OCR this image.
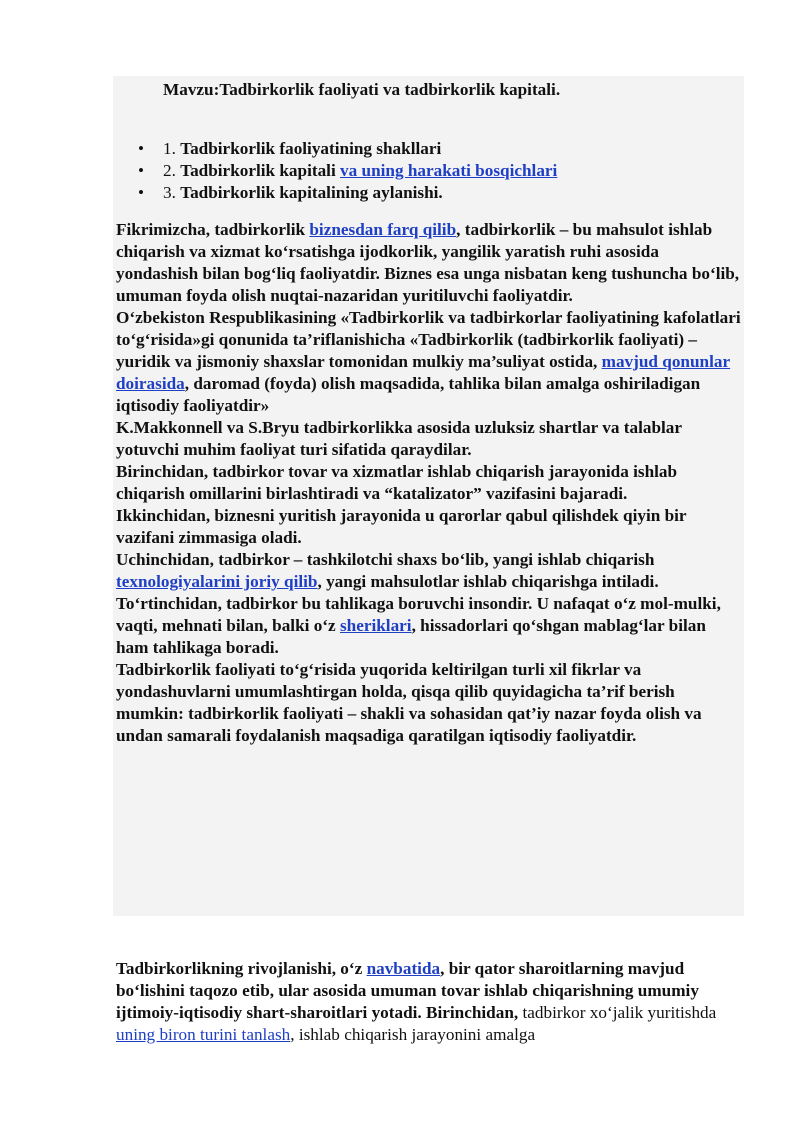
Mavzu:Tadbirkorlik faoliyati va tadbirkorlik kapitali.

• 1. Tadbirkorlik faoliyatining shakllari
• 2. Tadbirkorlik kapitali va uning harakati bosqichlari
• 3. Tadbirkorlik kapitalining aylanishi.

Fikrimizcha, tadbirkorlik biznesdan farq qilib, tadbirkorlik – bu mahsulot ishlab chiqarish va xizmat ko‘rsatishga ijodkorlik, yangilik yaratish ruhi asosida yondashish bilan bog‘liq faoliyatdir. Biznes esa unga nisbatan keng tushuncha bo‘lib, umuman foyda olish nuqtai-nazaridan yuritiluvchi faoliyatdir.

O‘zbekiston Respublikasining «Tadbirkorlik va tadbirkorlar faoliyatining kafolatlari to‘g‘risida»gi qonunida ta’riflanishicha «Tadbirkorlik (tadbirkorlik faoliyati) – yuridik va jismoniy shaxslar tomonidan mulkiy ma’suliyat ostida, mavjud qonunlar doirasida, daromad (foyda) olish maqsadida, tahlika bilan amalga oshiriladigan iqtisodiy faoliyatdir»

K.Makkonnell va S.Bryu tadbirkorlikka asosida uzluksiz shartlar va talablar yotuvchi muhim faoliyat turi sifatida qaraydilar.

Birinchidan, tadbirkor tovar va xizmatlar ishlab chiqarish jarayonida ishlab chiqarish omillarini birlashtiradi va “katalizator” vazifasini bajaradi.

Ikkinchidan, biznesni yuritish jarayonida u qarorlar qabul qilishdek qiyin bir vazifani zimmasiga oladi.

Uchinchidan, tadbirkor – tashkilotchi shaxs bo‘lib, yangi ishlab chiqarish texnologiyalarini joriy qilib, yangi mahsulotlar ishlab chiqarishga intiladi.

To‘rtinchidan, tadbirkor bu tahlikaga boruvchi insondir. U nafaqat o‘z mol-mulki, vaqti, mehnati bilan, balki o‘z sheriklari, hissadorlari qo‘shgan mablag‘lar bilan ham tahlikaga boradi.

Tadbirkorlik faoliyati to‘g‘risida yuqorida keltirilgan turli xil fikrlar va yondashuvlarni umumlashtirgan holda, qisqa qilib quyidagicha ta’rif berish mumkin: tadbirkorlik faoliyati – shakli va sohasidan qat’iy nazar foyda olish va undan samarali foydalanish maqsadiga qaratilgan iqtisodiy faoliyatdir.

Tadbirkorlikning rivojlanishi, o‘z navbatida, bir qator sharoitlarning mavjud bo‘lishini taqozo etib, ular asosida umuman tovar ishlab chiqarishning umumiy ijtimoiy-iqtisodiy shart-sharoitlari yotadi. Birinchidan, tadbirkor xo‘jalik yuritishda uning biron turini tanlash, ishlab chiqarish jarayonini amalga
